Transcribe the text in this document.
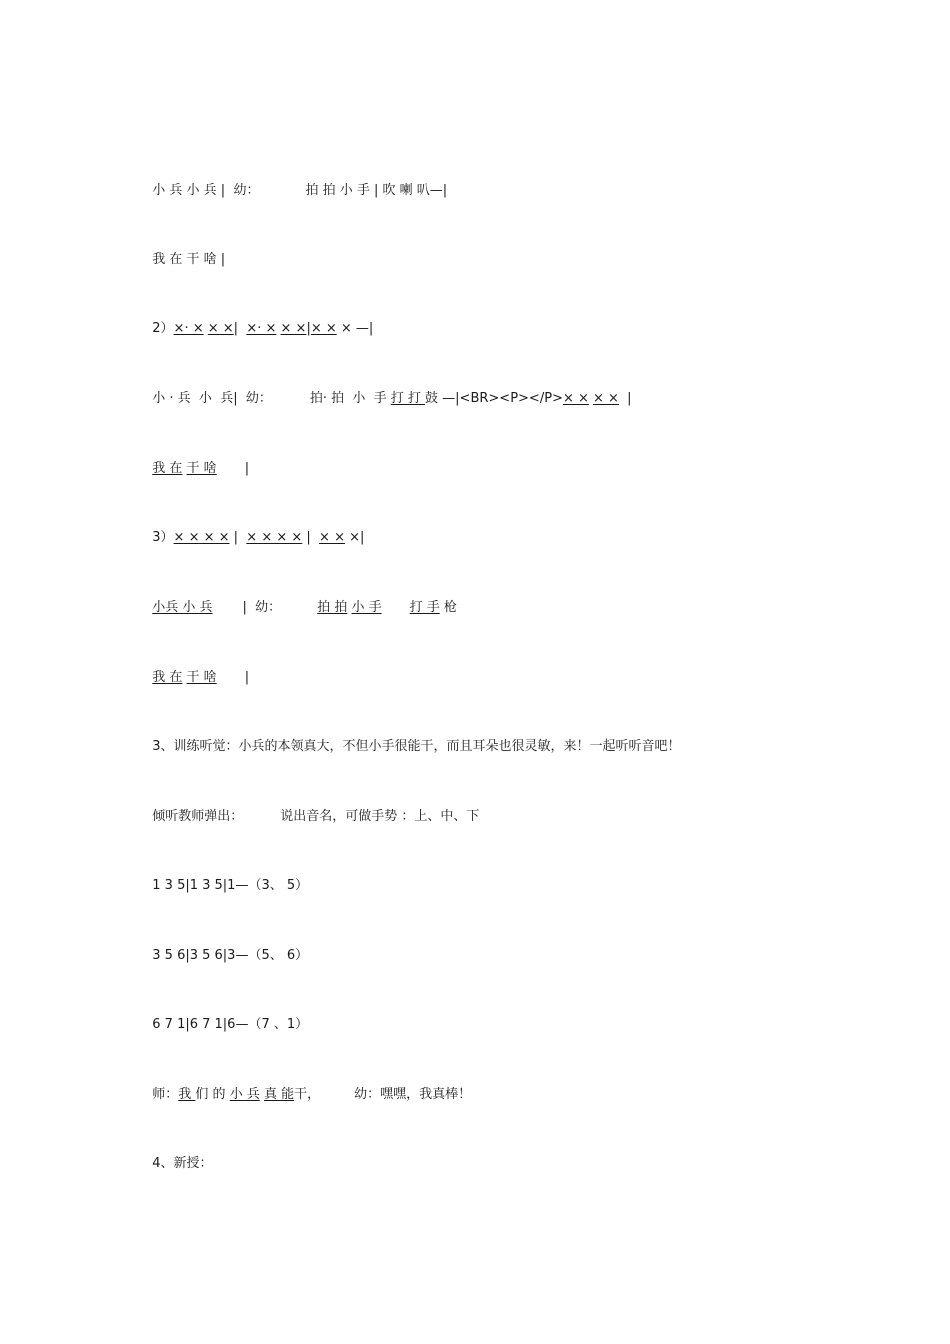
小 兵 小 兵 |  幼：	拍 拍 小 手 | 吹 喇 叭—|

我 在 干 啥 |

2）×· × × ×|  ×· × × ×|× × × —|

小 · 兵  小  兵|  幼：	拍· 拍  小  手 打 打 鼓 —|<BR><P></P>× × × ×  |

我 在 干 啥 |

3）× × × × |  × × × × |  × × ×|

小兵 小 兵 |  幼：	拍 拍 小 手 打 手 枪

我 在 干 啥 |

3、训练听觉：小兵的本领真大，不但小手很能干，而且耳朵也很灵敏，来！一起听听音吧！

倾听教师弹出：	说出音名，可做手势 ：上、中、下

1 3 5|1 3 5|1—（3、 5）

3 5 6|3 5 6|3—（5、 6）

6 7 1|6 7 1|6—（7 、1）

师：我 们 的 小 兵 真 能干，	幼：嘿嘿，我真棒！

4、新授：
